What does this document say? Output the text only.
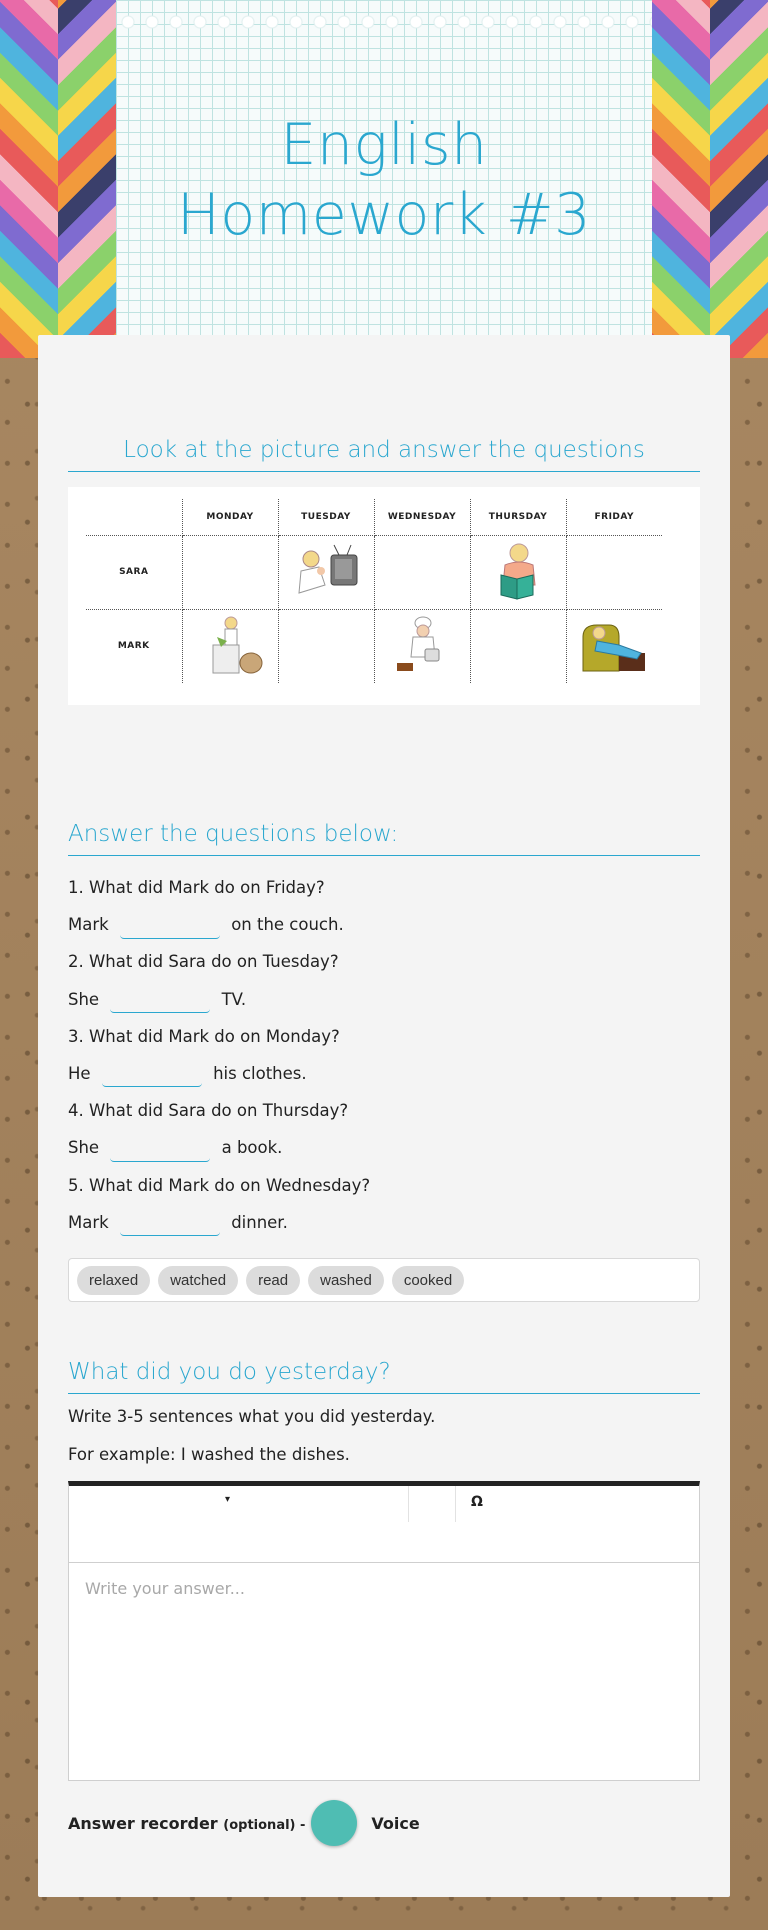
English Homework #3
Look at the picture and answer the questions
	MONDAY	TUESDAY	WEDNESDAY	THURSDAY	FRIDAY
SARA					
MARK					
Answer the questions below:
1. What did Mark do on Friday?
Mark	on the couch.
2. What did Sara do on Tuesday?
She	TV.
3. What did Mark do on Monday?
He	his clothes.
4. What did Sara do on Thursday?
She	a book.
5. What did Mark do on Wednesday?
Mark	dinner.
relaxed	watched	read	washed	cooked
What did you do yesterday?
Write 3-5 sentences what you did yesterday.
For example: I washed the dishes.
▾	Ω
Write your answer...
Answer recorder (optional) -	Voice
